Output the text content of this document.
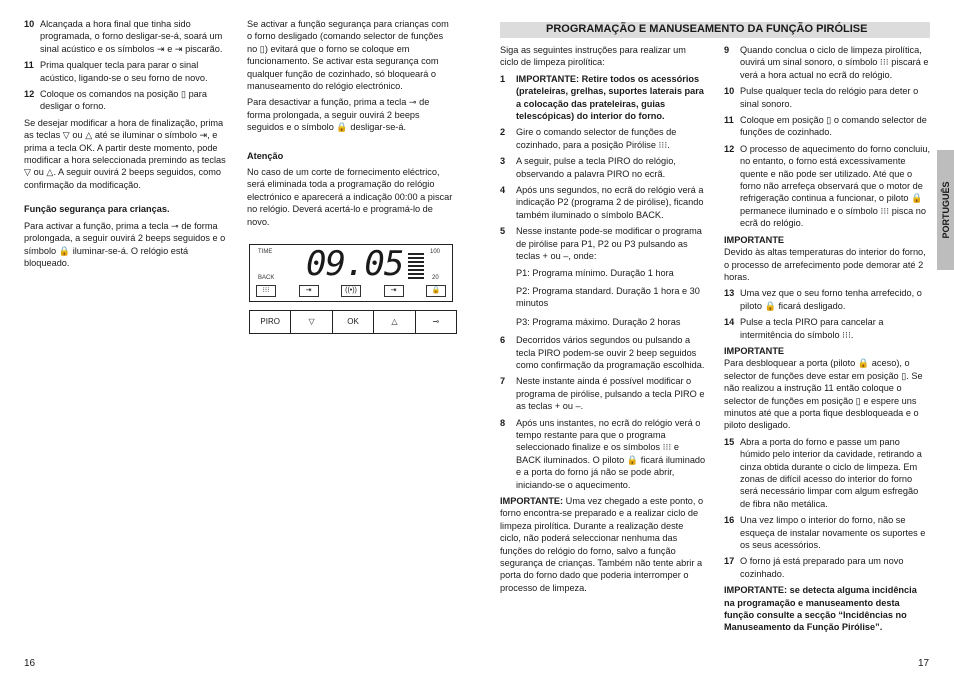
10 Alcançada a hora final que tinha sido programada, o forno desligar-se-á, soará um sinal acústico e os símbolos ⇥ e ⇥ piscarão.
11 Prima qualquer tecla para parar o sinal acústico, ligando-se o seu forno de novo.
12 Coloque os comandos na posição ▯ para desligar o forno.

Se desejar modificar a hora de finalização, prima as teclas ▽ ou △ até se iluminar o símbolo ⇥, e prima a tecla OK. A partir deste momento, pode modificar a hora seleccionada premindo as teclas ▽ ou △. A seguir ouvirá 2 beeps seguidos, como confirmação da modificação.

Função segurança para crianças.

Para activar a função, prima a tecla ⊸ de forma prolongada, a seguir ouvirá 2 beeps seguidos e o símbolo 🔒 iluminar-se-á. O relógio está bloqueado.

Se activar a função segurança para crianças com o forno desligado (comando selector de funções no ▯) evitará que o forno se coloque em funcionamento. Se activar esta segurança com qualquer função de cozinhado, só bloqueará o manuseamento do relógio electrónico.

Para desactivar a função, prima a tecla ⊸ de forma prolongada, a seguir ouvirá 2 beeps seguidos e o símbolo 🔒 desligar-se-á.

Atenção

No caso de um corte de fornecimento eléctrico, será eliminada toda a programação do relógio electrónico e aparecerá a indicação 00:00 a piscar no relógio. Deverá acertá-lo e programá-lo de novo.

TIME
BACK 09.05	100
20
⁝⁝⁝	⇥	((•))	⇥	🔒
PIRO	▽	OK	△	⊸
16
PROGRAMAÇÃO E MANUSEAMENTO DA FUNÇÃO PIRÓLISE

Siga as seguintes instruções para realizar um ciclo de limpeza pirolítica:

1	IMPORTANTE: Retire todos os acessórios (prateleiras, grelhas, suportes laterais para a colocação das prateleiras, guias telescópicas) do interior do forno.
2	Gire o comando selector de funções de cozinhado, para a posição Pirólise ⁝⁝⁝.
3	A seguir, pulse a tecla PIRO do relógio, observando a palavra PIRO no ecrã.
4	Após uns segundos, no ecrã do relógio verá a indicação P2 (programa 2 de pirólise), ficando também iluminado o símbolo BACK.
5	Nesse instante pode-se modificar o programa de pirólise para P1, P2 ou P3 pulsando as teclas + ou –, onde:
P1: Programa mínimo. Duração 1 hora
P2: Programa standard. Duração 1 hora e 30 minutos
P3: Programa máximo. Duração 2 horas
6	Decorridos vários segundos ou pulsando a tecla PIRO podem-se ouvir 2 beep seguidos como confirmação da programação escolhida.
7	Neste instante ainda é possível modificar o programa de pirólise, pulsando a tecla PIRO e as teclas + ou –.
8	Após uns instantes, no ecrã do relógio verá o tempo restante para que o programa seleccionado finalize e os símbolos ⁝⁝⁝ e BACK iluminados. O piloto 🔒 ficará iluminado e a porta do forno já não se pode abrir, iniciando-se o aquecimento.

IMPORTANTE: Uma vez chegado a este ponto, o forno encontra-se preparado e a realizar ciclo de limpeza pirolítica. Durante a realização deste ciclo, não poderá seleccionar nenhuma das funções do relógio do forno, salvo a função segurança de crianças. Também não tente abrir a porta do forno dado que poderia interromper o processo de limpeza.

9	Quando conclua o ciclo de limpeza pirolítica, ouvirá um sinal sonoro, o símbolo ⁝⁝⁝ piscará e verá a hora actual no ecrã do relógio.
10 Pulse qualquer tecla do relógio para deter o sinal sonoro.
11 Coloque em posição ▯ o comando selector de funções de cozinhado.
12 O processo de aquecimento do forno concluiu, no entanto, o forno está excessivamente quente e não pode ser utilizado. Até que o forno não arrefeça observará que o motor de refrigeração continua a funcionar, o piloto 🔒 permanece iluminado e o símbolo ⁝⁝⁝ pisca no ecrã do relógio.
IMPORTANTE

Devido às altas temperaturas do interior do forno, o processo de arrefecimento pode demorar até 2 horas.

13 Uma vez que o seu forno tenha arrefecido, o piloto 🔒 ficará desligado.
14 Pulse a tecla PIRO para cancelar a intermitência do símbolo ⁝⁝⁝.
IMPORTANTE

Para desbloquear a porta (piloto 🔒 aceso), o selector de funções deve estar em posição ▯. Se não realizou a instrução 11 então coloque o selector de funções em posição ▯ e espere uns minutos até que a porta fique desbloqueada e o piloto desligado.

15 Abra a porta do forno e passe um pano húmido pelo interior da cavidade, retirando a cinza obtida durante o ciclo de limpeza. Em zonas de difícil acesso do interior do forno será necessário limpar com algum esfregão de fibra não metálica.
16 Una vez limpo o interior do forno, não se esqueça de instalar novamente os suportes e os seus acessórios.
17 O forno já está preparado para um novo cozinhado.

IMPORTANTE: se detecta alguma incidência na programação e manuseamento desta função consulte a secção “Incidências no Manuseamento da Função Pirólise”.

PORTUGUÊS
17
